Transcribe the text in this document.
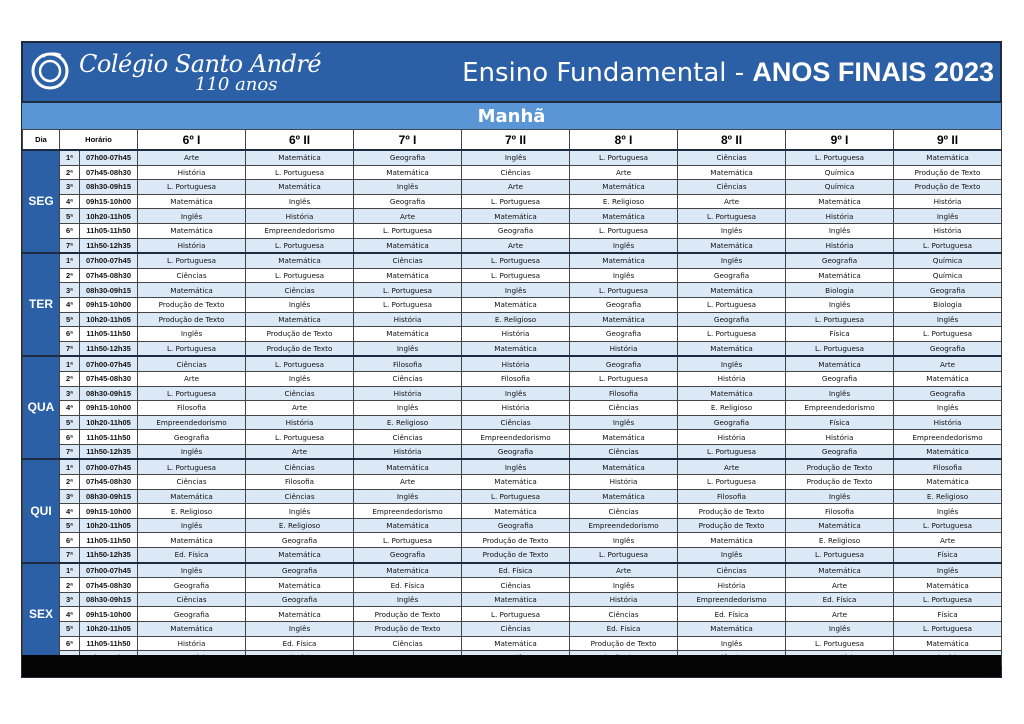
Colégio Santo André
110 anos	Ensino Fundamental - ANOS FINAIS 2023
Manhã
Dia	Horário		6º I	6º II	7º I	7º II	8º I	8º II	9º I	9º II
SEG	1ª	07h00-07h45	Arte	Matemática	Geografia	Inglês	L. Portuguesa	Ciências	L. Portuguesa	Matemática
	2ª	07h45-08h30	História	L. Portuguesa	Matemática	Ciências	Arte	Matemática	Química	Produção de Texto
	3ª	08h30-09h15	L. Portuguesa	Matemática	Inglês	Arte	Matemática	Ciências	Química	Produção de Texto
	4ª	09h15-10h00	Matemática	Inglês	Geografia	L. Portuguesa	E. Religioso	Arte	Matemática	História
	5ª	10h20-11h05	Inglês	História	Arte	Matemática	Matemática	L. Portuguesa	História	Inglês
	6ª	11h05-11h50	Matemática	Empreendedorismo	L. Portuguesa	Geografia	L. Portuguesa	Inglês	Inglês	História
	7ª	11h50-12h35	História	L. Portuguesa	Matemática	Arte	Inglês	Matemática	História	L. Portuguesa
TER	1ª	07h00-07h45	L. Portuguesa	Matemática	Ciências	L. Portuguesa	Matemática	Inglês	Geografia	Química
	2ª	07h45-08h30	Ciências	L. Portuguesa	Matemática	L. Portuguesa	Inglês	Geografia	Matemática	Química
	3ª	08h30-09h15	Matemática	Ciências	L. Portuguesa	Inglês	L. Portuguesa	Matemática	Biologia	Geografia
	4ª	09h15-10h00	Produção de Texto	Inglês	L. Portuguesa	Matemática	Geografia	L. Portuguesa	Inglês	Biologia
	5ª	10h20-11h05	Produção de Texto	Matemática	História	E. Religioso	Matemática	Geografia	L. Portuguesa	Inglês
	6ª	11h05-11h50	Inglês	Produção de Texto	Matemática	História	Geografia	L. Portuguesa	Física	L. Portuguesa
	7ª	11h50-12h35	L. Portuguesa	Produção de Texto	Inglês	Matemática	História	Matemática	L. Portuguesa	Geografia
QUA	1ª	07h00-07h45	Ciências	L. Portuguesa	Filosofia	História	Geografia	Inglês	Matemática	Arte
	2ª	07h45-08h30	Arte	Inglês	Ciências	Filosofia	L. Portuguesa	História	Geografia	Matemática
	3ª	08h30-09h15	L. Portuguesa	Ciências	História	Inglês	Filosofia	Matemática	Inglês	Geografia
	4ª	09h15-10h00	Filosofia	Arte	Inglês	História	Ciências	E. Religioso	Empreendedorismo	Inglês
	5ª	10h20-11h05	Empreendedorismo	História	E. Religioso	Ciências	Inglês	Geografia	Física	História
	6ª	11h05-11h50	Geografia	L. Portuguesa	Ciências	Empreendedorismo	Matemática	História	História	Empreendedorismo
	7ª	11h50-12h35	Inglês	Arte	História	Geografia	Ciências	L. Portuguesa	Geografia	Matemática
QUI	1ª	07h00-07h45	L. Portuguesa	Ciências	Matemática	Inglês	Matemática	Arte	Produção de Texto	Filosofia
	2ª	07h45-08h30	Ciências	Filosofia	Arte	Matemática	História	L. Portuguesa	Produção de Texto	Matemática
	3ª	08h30-09h15	Matemática	Ciências	Inglês	L. Portuguesa	Matemática	Filosofia	Inglês	E. Religioso
	4ª	09h15-10h00	E. Religioso	Inglês	Empreendedorismo	Matemática	Ciências	Produção de Texto	Filosofia	Inglês
	5ª	10h20-11h05	Inglês	E. Religioso	Matemática	Geografia	Empreendedorismo	Produção de Texto	Matemática	L. Portuguesa
	6ª	11h05-11h50	Matemática	Geografia	L. Portuguesa	Produção de Texto	Inglês	Matemática	E. Religioso	Arte
	7ª	11h50-12h35	Ed. Física	Matemática	Geografia	Produção de Texto	L. Portuguesa	Inglês	L. Portuguesa	Física
SEX	1ª	07h00-07h45	Inglês	Geografia	Matemática	Ed. Física	Arte	Ciências	Matemática	Inglês
	2ª	07h45-08h30	Geografia	Matemática	Ed. Física	Ciências	Inglês	História	Arte	Matemática
	3ª	08h30-09h15	Ciências	Geografia	Inglês	Matemática	História	Empreendedorismo	Ed. Física	L. Portuguesa
	4ª	09h15-10h00	Geografia	Matemática	Produção de Texto	L. Portuguesa	Ciências	Ed. Física	Arte	Física
	5ª	10h20-11h05	Matemática	Inglês	Produção de Texto	Ciências	Ed. Física	Matemática	Inglês	L. Portuguesa
	6ª	11h05-11h50	História	Ed. Física	Ciências	Matemática	Produção de Texto	Inglês	L. Portuguesa	Matemática
